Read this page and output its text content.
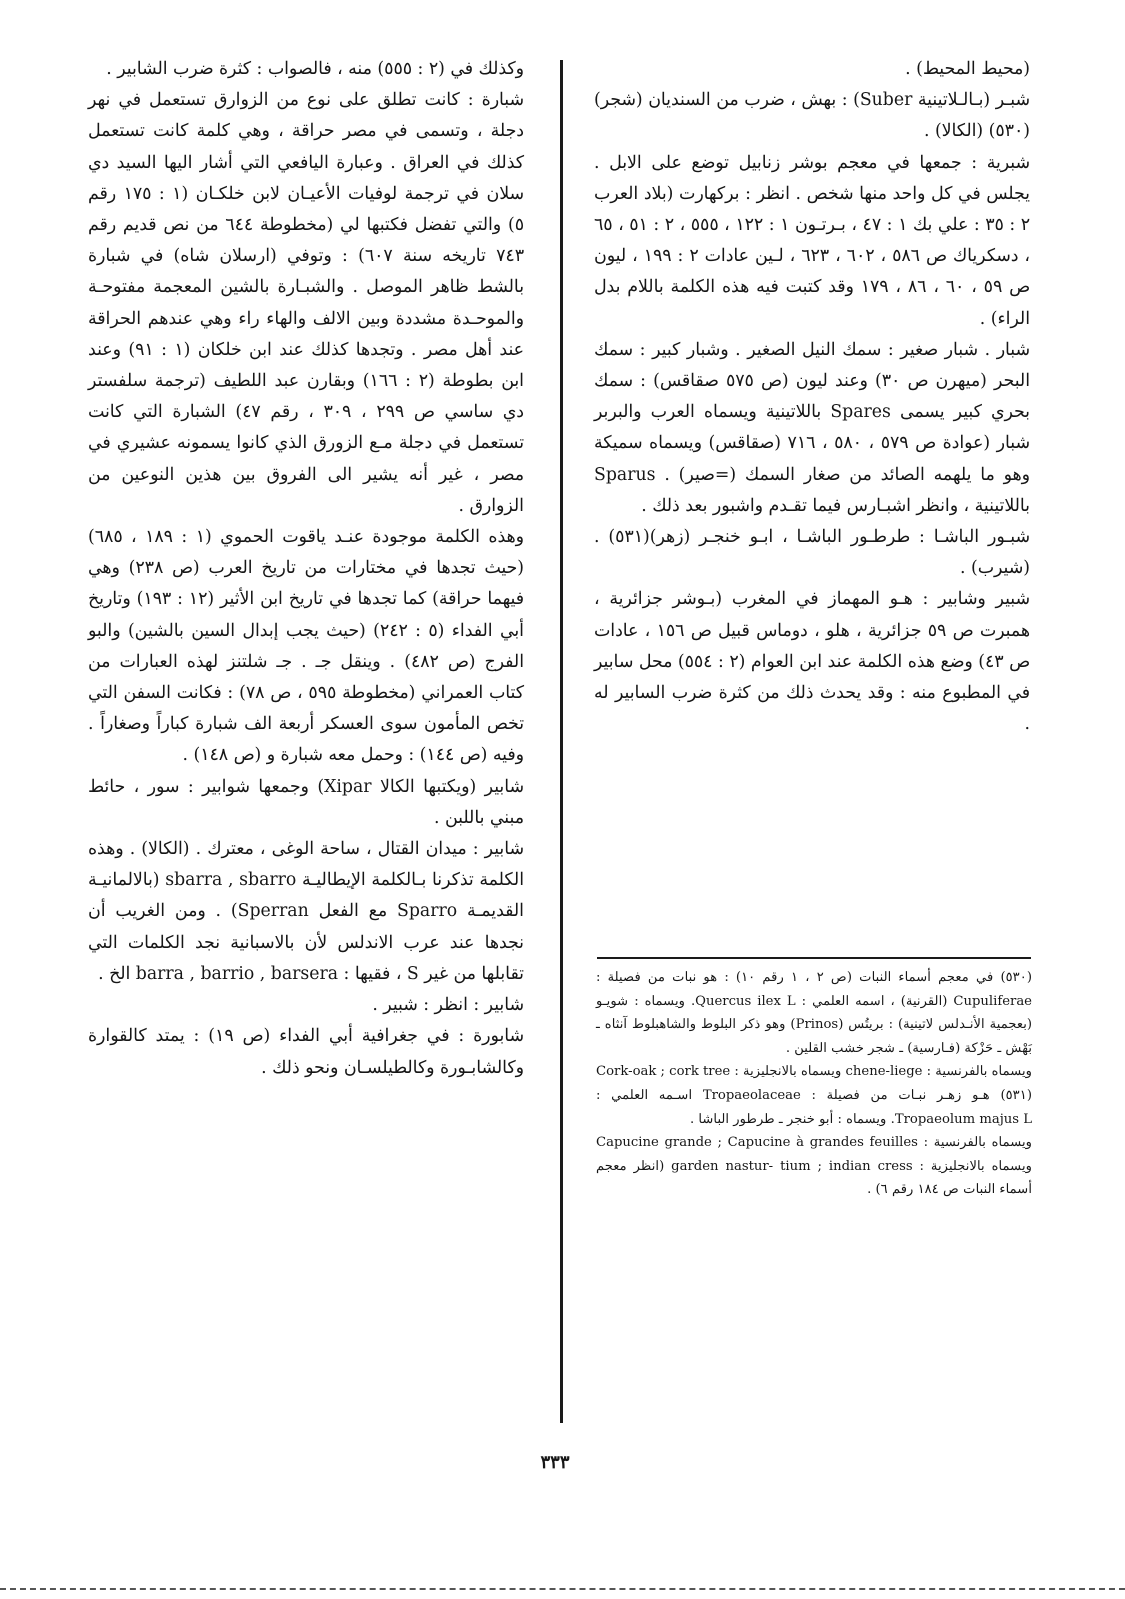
(محيط المحيط) .

شبـر (بـالـلاتينية Suber) : بهش ، ضرب من السنديان (شجر)(٥٣٠) (الكالا) .

شبرية : جمعها في معجم بوشر زنابيل توضع على الابل . يجلس في كل واحد منها شخص . انظر : بركهارت (بلاد العرب ٢ : ٣٥ : علي بك ١ : ٤٧ ، بـرتـون ١ : ١٢٢ ، ٥٥٥ ، ٢ : ٥١ ، ٦٥ ، دسكرياك ص ٥٨٦ ، ٦٠٢ ، ٦٢٣ ، لـين عادات ٢ : ١٩٩ ، ليون ص ٥٩ ، ٦٠ ، ٨٦ ، ١٧٩ وقد كتبت فيه هذه الكلمة باللام بدل الراء) .

شبار . شبار صغير : سمك النيل الصغير . وشبار كبير : سمك البحر (ميهرن ص ٣٠) وعند ليون (ص ٥٧٥ صقاقس) : سمك بحري كبير يسمى Spares باللاتينية ويسماه العرب والبربر شبار (عوادة ص ٥٧٩ ، ٥٨٠ ، ٧١٦ (صقاقس) ويسماه سميكة وهو ما يلهمه الصائد من صغار السمك (=صير) . Sparus باللاتينية ، وانظر اشبـارس فيما تقـدم واشبور بعد ذلك .

شبـور الباشـا : طرطـور الباشـا ، ابـو خنجـر (زهر)(٥٣١) . (شيرب) .

شبير وشابير : هـو المهماز في المغرب (بـوشر جزائرية ، همبرت ص ٥٩ جزائرية ، هلو ، دوماس قبيل ص ١٥٦ ، عادات ص ٤٣) وضع هذه الكلمة عند ابن العوام (٢ : ٥٥٤) محل سابير في المطبوع منه : وقد يحدث ذلك من كثرة ضرب السابير له .

وكذلك في (٢ : ٥٥٥) منه ، فالصواب : كثرة ضرب الشابير .

شبارة : كانت تطلق على نوع من الزوارق تستعمل في نهر دجلة ، وتسمى في مصر حراقة ، وهي كلمة كانت تستعمل كذلك في العراق . وعبارة اليافعي التي أشار اليها السيد دي سلان في ترجمة لوفيات الأعيـان لابن خلكـان (١ : ١٧٥ رقم ٥) والتي تفضل فكتبها لي (مخطوطة ٦٤٤ من نص قديم رقم ٧٤٣ تاريخه سنة ٦٠٧) : وتوفي (ارسلان شاه) في شبارة بالشط ظاهر الموصل . والشبـارة بالشين المعجمة مفتوحـة والموحـدة مشددة وبين الالف والهاء راء وهي عندهم الحراقة عند أهل مصر . وتجدها كذلك عند ابن خلكان (١ : ٩١) وعند ابن بطوطة (٢ : ١٦٦) وبقارن عبد اللطيف (ترجمة سلفستر دي ساسي ص ٢٩٩ ، ٣٠٩ ، رقم ٤٧) الشبارة التي كانت تستعمل في دجلة مـع الزورق الذي كانوا يسمونه عشيري في مصر ، غير أنه يشير الى الفروق بين هذين النوعين من الزوارق .

وهذه الكلمة موجودة عنـد ياقوت الحموي (١ : ١٨٩ ، ٦٨٥) (حيث تجدها في مختارات من تاريخ العرب (ص ٢٣٨) وهي فيهما حراقة) كما تجدها في تاريخ ابن الأثير (١٢ : ١٩٣) وتاريخ أبي الفداء (٥ : ٢٤٢) (حيث يجب إبدال السين بالشين) والبو الفرج (ص ٤٨٢) . وينقل جـ . جـ شلتنز لهذه العبارات من كتاب العمراني (مخطوطة ٥٩٥ ، ص ٧٨) : فكانت السفن التي تخص المأمون سوى العسكر أربعة الف شبارة كباراً وصغاراً . وفيه (ص ١٤٤) : وحمل معه شبارة و (ص ١٤٨) .

شابير (ويكتبها الكالا Xipar) وجمعها شوابير : سور ، حائط مبني باللبن .

شابير : ميدان القتال ، ساحة الوغى ، معترك . (الكالا) . وهذه الكلمة تذكرنا بـالكلمة الإيطاليـة sbarra , sbarro (بالالمانيـة القديمـة Sparro مع الفعل Sperran) . ومن الغريب أن نجدها عند عرب الاندلس لأن بالاسبانية نجد الكلمات التي تقابلها من غير S ، فقيها : barra , barrio , barsera الخ .

شابير : انظر : شبير .

شابورة : في جغرافية أبي الفداء (ص ١٩) : يمتد كالقوارة وكالشابـورة وكالطيلسـان ونحو ذلك .

(٥٣٠) في معجم أسماء النبات (ص ٢ ، ١ رقم ١٠) : هو نبات من فصيلة : Cupuliferae (القرنية) ، اسمه العلمي : Quercus ilex L. ويسماه : شويـو (بعجمية الأنـدلس لاتينية) : بريتُس (Prinos) وهو ذكر البلوط والشاهبلوط آنثاه ـ بَهْش ـ حَزْكة (فـارسية) ـ شجر خشب القلين .

ويسماه بالفرنسية : chene-liege ويسماه بالانجليزية : Cork-oak ; cork tree

(٥٣١) هـو زهـر نبـات من فصيلة : Tropaeolaceae اسـمه العلمي : Tropaeolum majus L. ويسماه : أبو خنجر ـ طرطور الباشا .

ويسماه بالفرنسية : Capucine grande ; Capucine à grandes feuilles ويسماه بالانجليزية : garden nastur- tium ; indian cress (انظر معجم أسماء النبات ص ١٨٤ رقم ٦) .

٣٣٣
